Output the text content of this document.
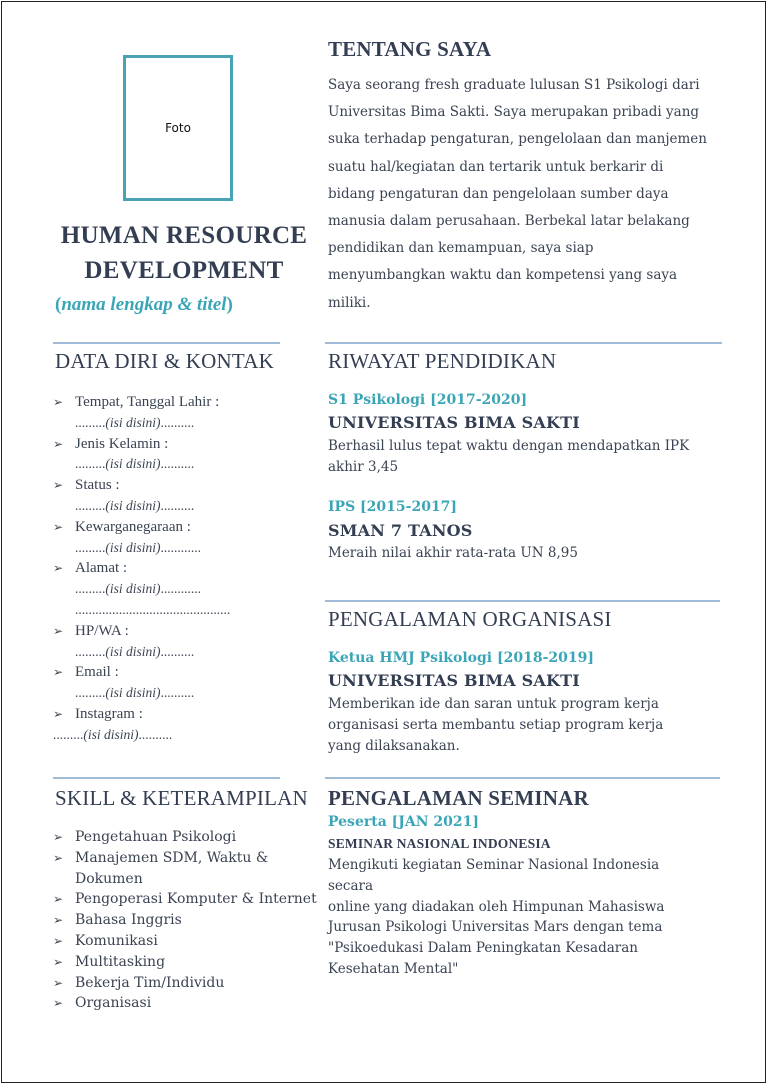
Foto
HUMAN RESOURCE
DEVELOPMENT
(nama lengkap & titel)
DATA DIRI & KONTAK
➢ Tempat, Tanggal Lahir :
.........(isi disini)..........
➢ Jenis Kelamin :
.........(isi disini)..........
➢ Status :
.........(isi disini)..........
➢ Kewarganegaraan :
.........(isi disini)............
➢ Alamat :
.........(isi disini)............
..............................................
➢ HP/WA :
.........(isi disini)..........
➢ Email :
.........(isi disini)..........
➢ Instagram :
.........(isi disini)..........
SKILL & KETERAMPILAN
➢ Pengetahuan Psikologi
➢ Manajemen SDM, Waktu &
Dokumen
➢ Pengoperasi Komputer & Internet
➢ Bahasa Inggris
➢ Komunikasi
➢ Multitasking
➢ Bekerja Tim/Individu
➢ Organisasi
TENTANG SAYA
Saya seorang fresh graduate lulusan S1 Psikologi dari
Universitas Bima Sakti. Saya merupakan pribadi yang
suka terhadap pengaturan, pengelolaan dan manjemen
suatu hal/kegiatan dan tertarik untuk berkarir di
bidang pengaturan dan pengelolaan sumber daya
manusia dalam perusahaan. Berbekal latar belakang
pendidikan dan kemampuan, saya siap
menyumbangkan waktu dan kompetensi yang saya
miliki.
RIWAYAT PENDIDIKAN
S1 Psikologi [2017-2020]
UNIVERSITAS BIMA SAKTI
Berhasil lulus tepat waktu dengan mendapatkan IPK
akhir 3,45
IPS [2015-2017]
SMAN 7 TANOS
Meraih nilai akhir rata-rata UN 8,95
PENGALAMAN ORGANISASI
Ketua HMJ Psikologi [2018-2019]
UNIVERSITAS BIMA SAKTI
Memberikan ide dan saran untuk program kerja
organisasi serta membantu setiap program kerja
yang dilaksanakan.
PENGALAMAN SEMINAR
Peserta [JAN 2021]
SEMINAR NASIONAL INDONESIA
Mengikuti kegiatan Seminar Nasional Indonesia secara
online yang diadakan oleh Himpunan Mahasiswa
Jurusan Psikologi Universitas Mars dengan tema
"Psikoedukasi Dalam Peningkatan Kesadaran
Kesehatan Mental"
